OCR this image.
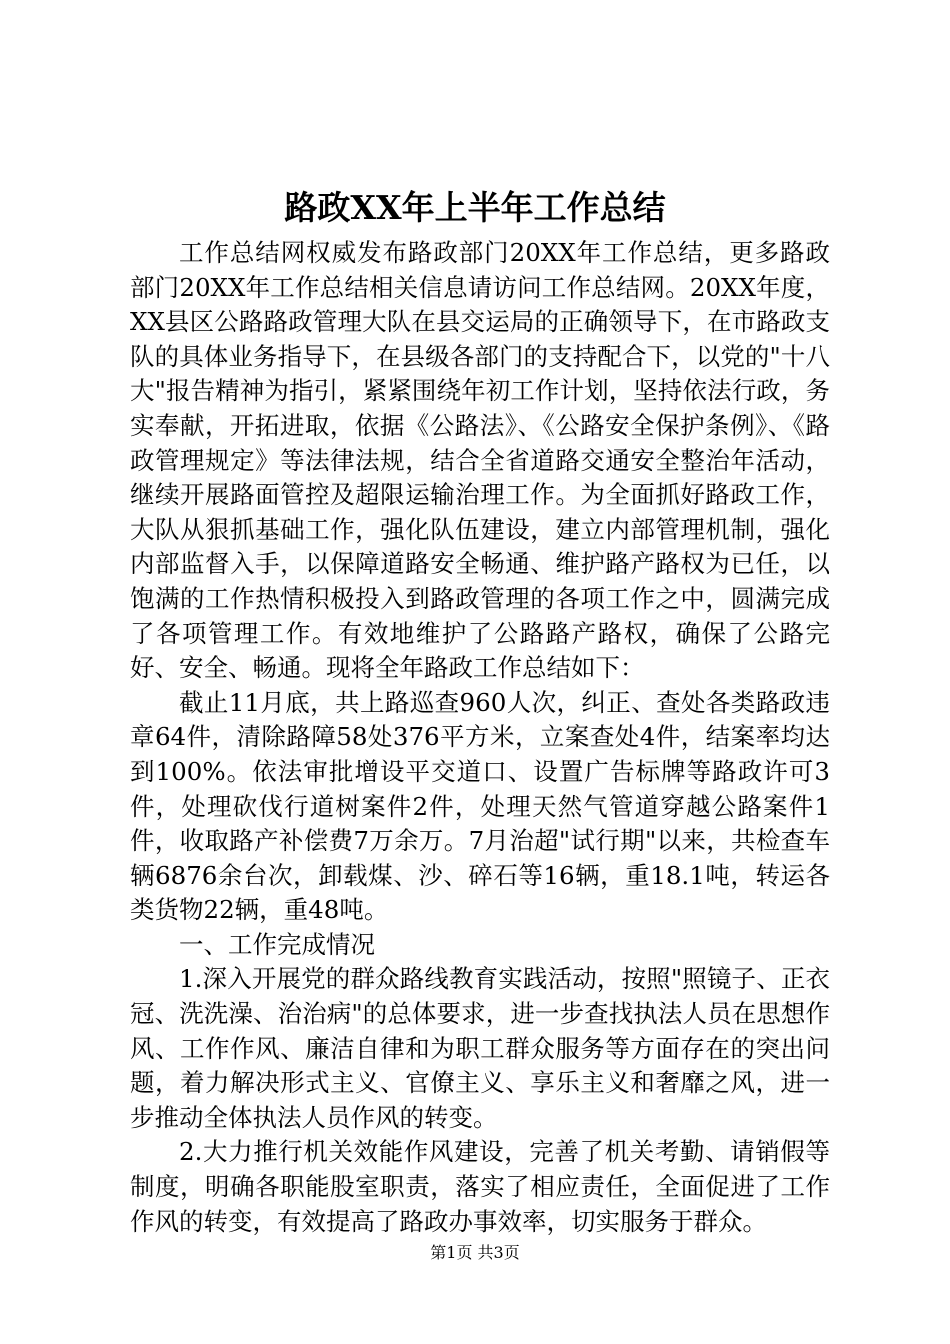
路政XX年上半年工作总结

工作总结网权威发布路政部门20XX年工作总结，更多路政部门20XX年工作总结相关信息请访问工作总结网。20XX年度，XX县区公路路政管理大队在县交运局的正确领导下，在市路政支队的具体业务指导下，在县级各部门的支持配合下，以党的"十八大"报告精神为指引，紧紧围绕年初工作计划，坚持依法行政，务实奉献，开拓进取，依据《公路法》、《公路安全保护条例》、《路政管理规定》等法律法规，结合全省道路交通安全整治年活动，继续开展路面管控及超限运输治理工作。为全面抓好路政工作，大队从狠抓基础工作，强化队伍建设，建立内部管理机制，强化内部监督入手，以保障道路安全畅通、维护路产路权为已任，以饱满的工作热情积极投入到路政管理的各项工作之中，圆满完成了各项管理工作。有效地维护了公路路产路权，确保了公路完好、安全、畅通。现将全年路政工作总结如下：

截止11月底，共上路巡查960人次，纠正、查处各类路政违章64件，清除路障58处376平方米，立案查处4件，结案率均达到100%。依法审批增设平交道口、设置广告标牌等路政许可3件，处理砍伐行道树案件2件，处理天然气管道穿越公路案件1件，收取路产补偿费7万余万。7月治超"试行期"以来，共检查车辆6876余台次，卸载煤、沙、碎石等16辆，重18.1吨，转运各类货物22辆，重48吨。

一、工作完成情况

1.深入开展党的群众路线教育实践活动，按照"照镜子、正衣冠、洗洗澡、治治病"的总体要求，进一步查找执法人员在思想作风、工作作风、廉洁自律和为职工群众服务等方面存在的突出问题，着力解决形式主义、官僚主义、享乐主义和奢靡之风，进一步推动全体执法人员作风的转变。

2.大力推行机关效能作风建设，完善了机关考勤、请销假等制度，明确各职能股室职责，落实了相应责任，全面促进了工作作风的转变，有效提高了路政办事效率，切实服务于群众。

第1页 共3页
